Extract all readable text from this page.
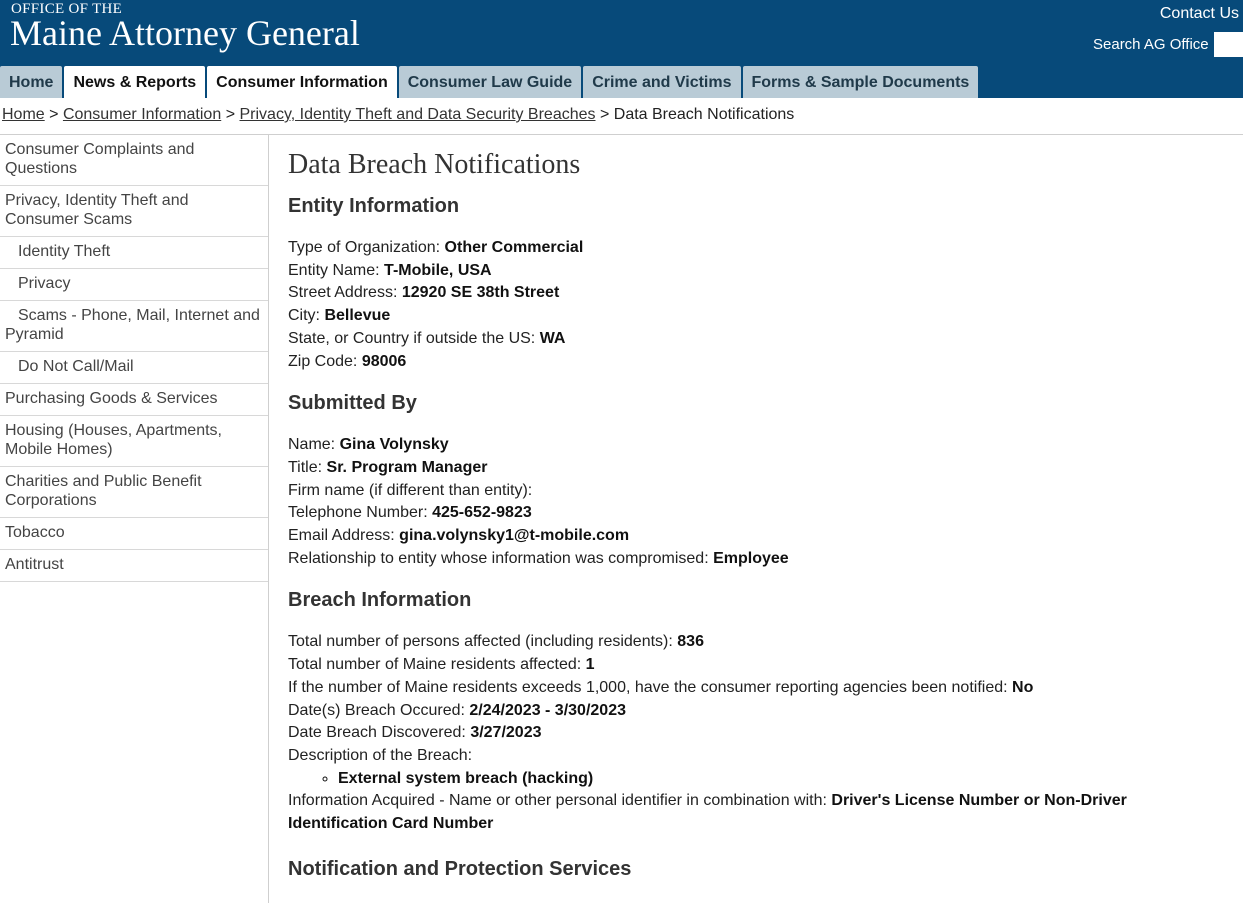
OFFICE OF THE
Maine Attorney General	Contact Us
Search AG Office
Home	News & Reports	Consumer Information	Consumer Law Guide	Crime and Victims	Forms & Sample Documents
Home > Consumer Information > Privacy, Identity Theft and Data Security Breaches > Data Breach Notifications
Consumer Complaints and Questions
Privacy, Identity Theft and Consumer Scams
Identity Theft
Privacy
Scams - Phone, Mail, Internet and Pyramid
Do Not Call/Mail
Purchasing Goods & Services
Housing (Houses, Apartments, Mobile Homes)
Charities and Public Benefit Corporations
Tobacco
Antitrust
Data Breach Notifications
Entity Information
Type of Organization: Other Commercial
Entity Name: T-Mobile, USA
Street Address: 12920 SE 38th Street
City: Bellevue
State, or Country if outside the US: WA
Zip Code: 98006
Submitted By
Name: Gina Volynsky
Title: Sr. Program Manager
Firm name (if different than entity):
Telephone Number: 425-652-9823
Email Address: gina.volynsky1@t-mobile.com
Relationship to entity whose information was compromised: Employee
Breach Information
Total number of persons affected (including residents): 836
Total number of Maine residents affected: 1
If the number of Maine residents exceeds 1,000, have the consumer reporting agencies been notified: No
Date(s) Breach Occured: 2/24/2023 - 3/30/2023
Date Breach Discovered: 3/27/2023
Description of the Breach:
◦ External system breach (hacking)
Information Acquired - Name or other personal identifier in combination with: Driver's License Number or Non-Driver Identification Card Number
Notification and Protection Services
